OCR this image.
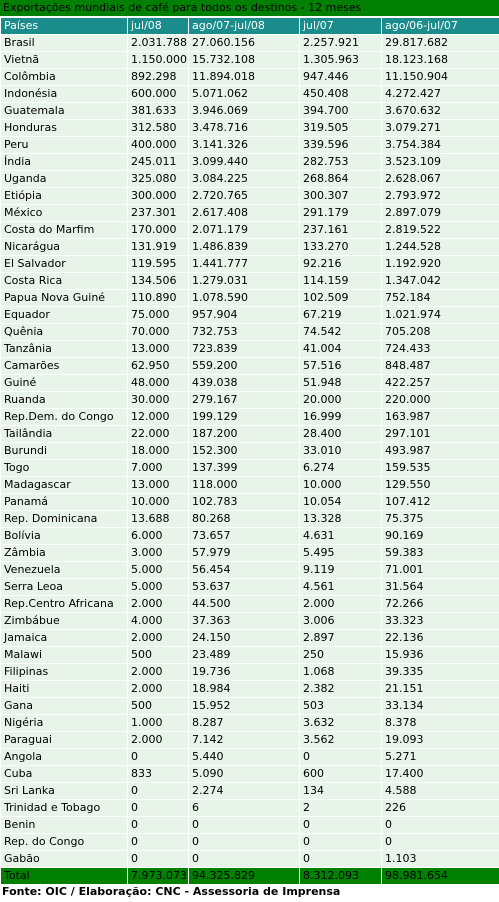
Exportações mundiais de café para todos os destinos - 12 meses
Países	jul/08	ago/07-jul/08	jul/07	ago/06-jul/07
Brasil	2.031.788	27.060.156	2.257.921	29.817.682
Vietnã	1.150.000	15.732.108	1.305.963	18.123.168
Colômbia	892.298	11.894.018	947.446	11.150.904
Indonésia	600.000	5.071.062	450.408	4.272.427
Guatemala	381.633	3.946.069	394.700	3.670.632
Honduras	312.580	3.478.716	319.505	3.079.271
Peru	400.000	3.141.326	339.596	3.754.384
Índia	245.011	3.099.440	282.753	3.523.109
Uganda	325.080	3.084.225	268.864	2.628.067
Etiópia	300.000	2.720.765	300.307	2.793.972
México	237.301	2.617.408	291.179	2.897.079
Costa do Marfim	170.000	2.071.179	237.161	2.819.522
Nicarágua	131.919	1.486.839	133.270	1.244.528
El Salvador	119.595	1.441.777	92.216	1.192.920
Costa Rica	134.506	1.279.031	114.159	1.347.042
Papua Nova Guiné	110.890	1.078.590	102.509	752.184
Equador	75.000	957.904	67.219	1.021.974
Quênia	70.000	732.753	74.542	705.208
Tanzânia	13.000	723.839	41.004	724.433
Camarões	62.950	559.200	57.516	848.487
Guiné	48.000	439.038	51.948	422.257
Ruanda	30.000	279.167	20.000	220.000
Rep.Dem. do Congo	12.000	199.129	16.999	163.987
Tailândia	22.000	187.200	28.400	297.101
Burundi	18.000	152.300	33.010	493.987
Togo	7.000	137.399	6.274	159.535
Madagascar	13.000	118.000	10.000	129.550
Panamá	10.000	102.783	10.054	107.412
Rep. Dominicana	13.688	80.268	13.328	75.375
Bolívia	6.000	73.657	4.631	90.169
Zâmbia	3.000	57.979	5.495	59.383
Venezuela	5.000	56.454	9.119	71.001
Serra Leoa	5.000	53.637	4.561	31.564
Rep.Centro Africana	2.000	44.500	2.000	72.266
Zimbábue	4.000	37.363	3.006	33.323
Jamaica	2.000	24.150	2.897	22.136
Malawi	500	23.489	250	15.936
Filipinas	2.000	19.736	1.068	39.335
Haiti	2.000	18.984	2.382	21.151
Gana	500	15.952	503	33.134
Nigéria	1.000	8.287	3.632	8.378
Paraguai	2.000	7.142	3.562	19.093
Angola	0	5.440	0	5.271
Cuba	833	5.090	600	17.400
Sri Lanka	0	2.274	134	4.588
Trinidad e Tobago	0	6	2	226
Benin	0	0	0	0
Rep. do Congo	0	0	0	0
Gabão	0	0	0	1.103
Total	7.973.073	94.325.829	8.312.093	98.981.654
Fonte: OIC / Elaboração: CNC - Assessoria de Imprensa
